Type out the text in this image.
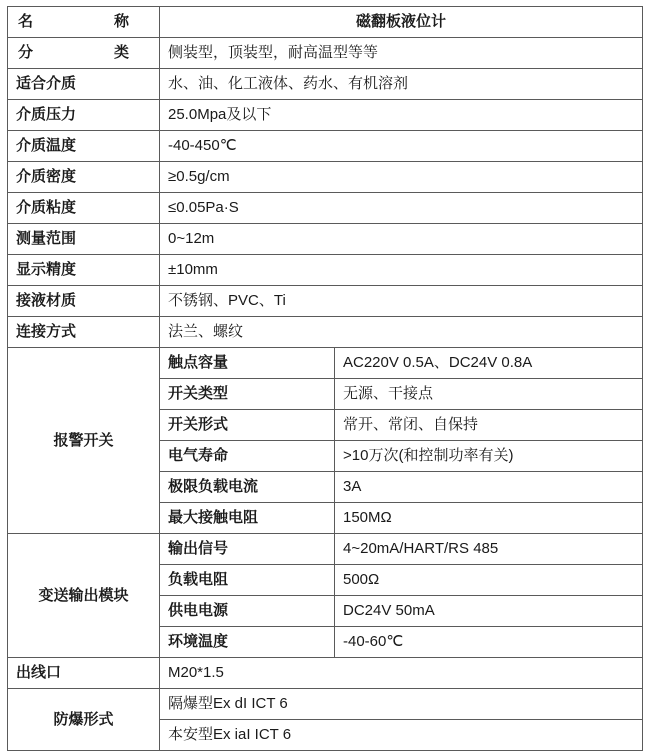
名 称	磁翻板液位计	
分 类	侧装型，顶装型，耐高温型等等	
适合介质	水、油、化工液体、药水、有机溶剂	
介质压力	25.0Mpa及以下	
介质温度	-40-450℃	
介质密度	≥0.5g/cm	
介质粘度	≤0.05Pa·S	
测量范围	0~12m	
显示精度	±10mm	
接液材质	不锈钢、PVC、Ti	
连接方式	法兰、螺纹	
报警开关	触点容量	AC220V 0.5A、DC24V 0.8A
	开关类型	无源、干接点
	开关形式	常开、常闭、自保持
	电气寿命	>10万次(和控制功率有关)
	极限负载电流	3A
	最大接触电阻	150MΩ
变送输出模块	输出信号	4~20mA/HART/RS 485
	负载电阻	500Ω
	供电电源	DC24V 50mA
	环境温度	-40-60℃
出线口	M20*1.5	
防爆形式	隔爆型Ex dI ICT 6	
	本安型Ex iaI ICT 6	
